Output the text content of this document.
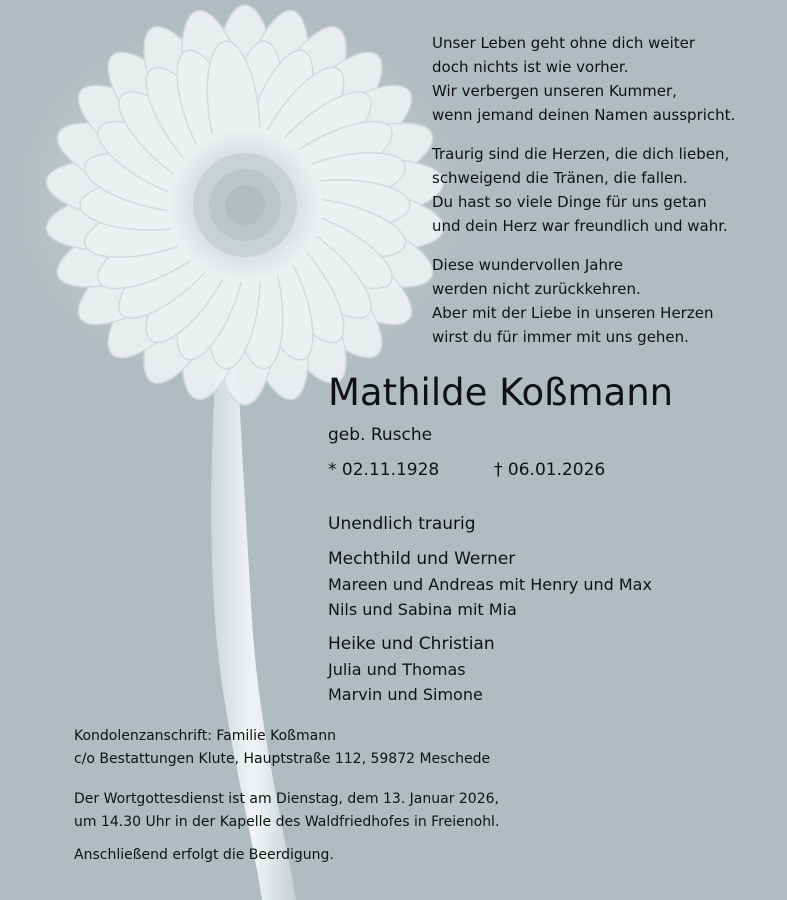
Unser Leben geht ohne dich weiter
doch nichts ist wie vorher.
Wir verbergen unseren Kummer,
wenn jemand deinen Namen ausspricht.
Traurig sind die Herzen, die dich lieben,
schweigend die Tränen, die fallen.
Du hast so viele Dinge für uns getan
und dein Herz war freundlich und wahr.
Diese wundervollen Jahre
werden nicht zurückkehren.
Aber mit der Liebe in unseren Herzen
wirst du für immer mit uns gehen.
Mathilde Koßmann
geb. Rusche
* 02.11.1928	† 06.01.2026
Unendlich traurig
Mechthild und Werner
Mareen und Andreas mit Henry und Max
Nils und Sabina mit Mia
Heike und Christian
Julia und Thomas
Marvin und Simone
Kondolenzanschrift: Familie Koßmann
c/o Bestattungen Klute, Hauptstraße 112, 59872 Meschede
Der Wortgottesdienst ist am Dienstag, dem 13. Januar 2026,
um 14.30 Uhr in der Kapelle des Waldfriedhofes in Freienohl.
Anschließend erfolgt die Beerdigung.
